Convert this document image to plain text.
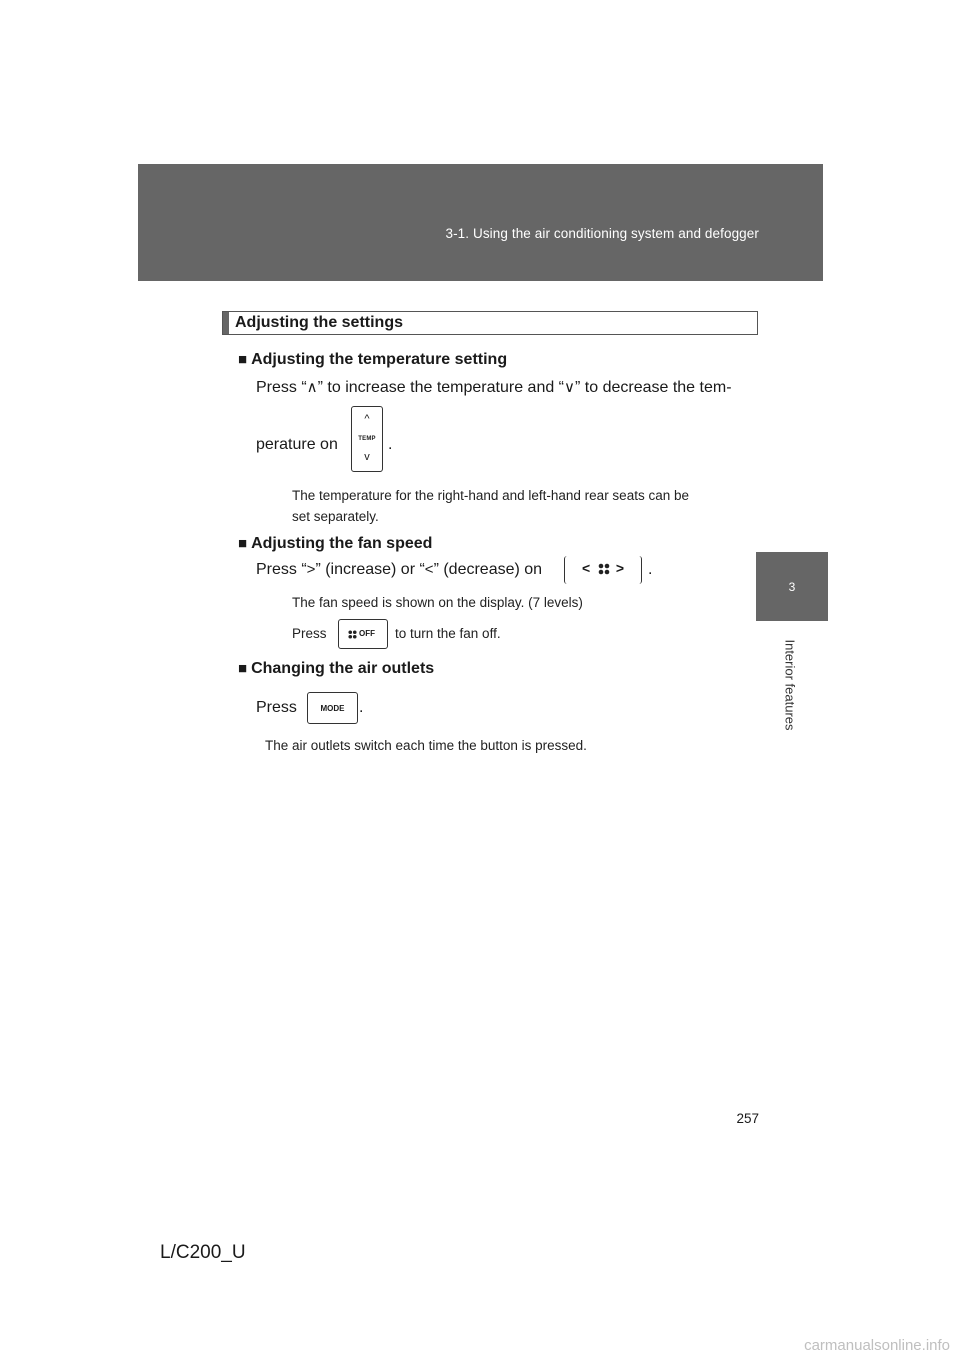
3-1. Using the air conditioning system and defogger
3
Interior features
Adjusting the settings
■ Adjusting the temperature setting
Press “∧” to increase the temperature and “∨” to decrease the tem-
perature on	.
^
TEMP
v
The temperature for the right-hand and left-hand rear seats can be
set separately.
■ Adjusting the fan speed
Press “>” (increase) or “<” (decrease) on	< > .
The fan speed is shown on the display. (7 levels)
Press	OFF to turn the fan off.
■ Changing the air outlets
Press	MODE .
The air outlets switch each time the button is pressed.
257
L/C200_U
carmanualsonline.info
